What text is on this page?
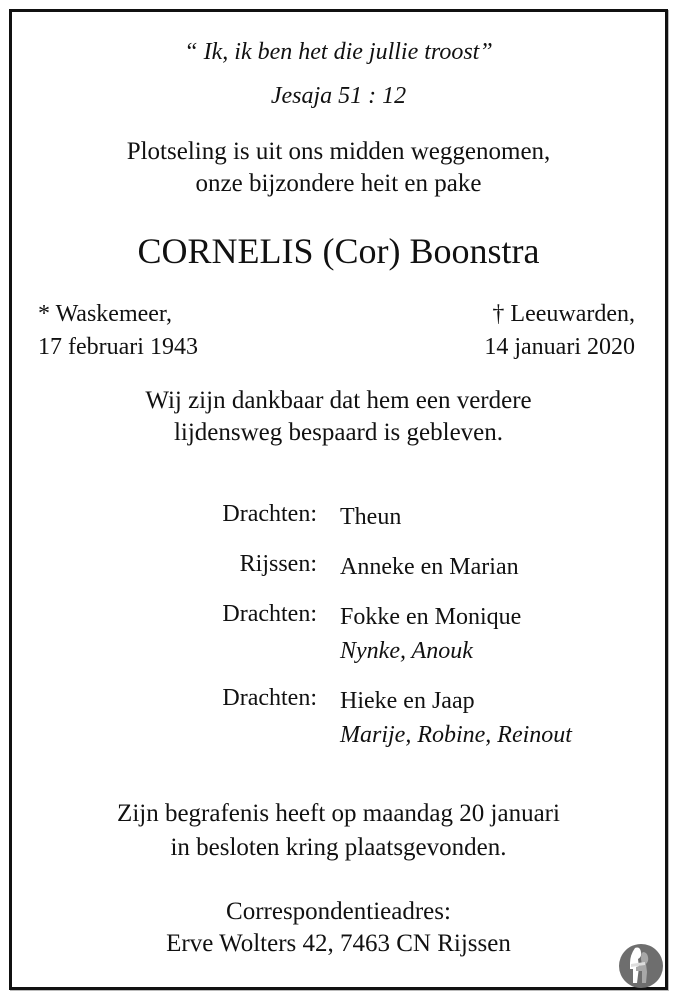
“ Ik, ik ben het die jullie troost”
Jesaja 51 : 12
Plotseling is uit ons midden weggenomen,
onze bijzondere heit en pake
CORNELIS (Cor) Boonstra
* Waskemeer,
17 februari 1943
† Leeuwarden,
14 januari 2020
Wij zijn dankbaar dat hem een verdere
lijdensweg bespaard is gebleven.
Drachten: Theun
Rijssen: Anneke en Marian
Drachten: Fokke en Monique
Nynke, Anouk
Drachten: Hieke en Jaap
Marije, Robine, Reinout
Zijn begrafenis heeft op maandag 20 januari
in besloten kring plaatsgevonden.
Correspondentieadres:
Erve Wolters 42, 7463 CN Rijssen
